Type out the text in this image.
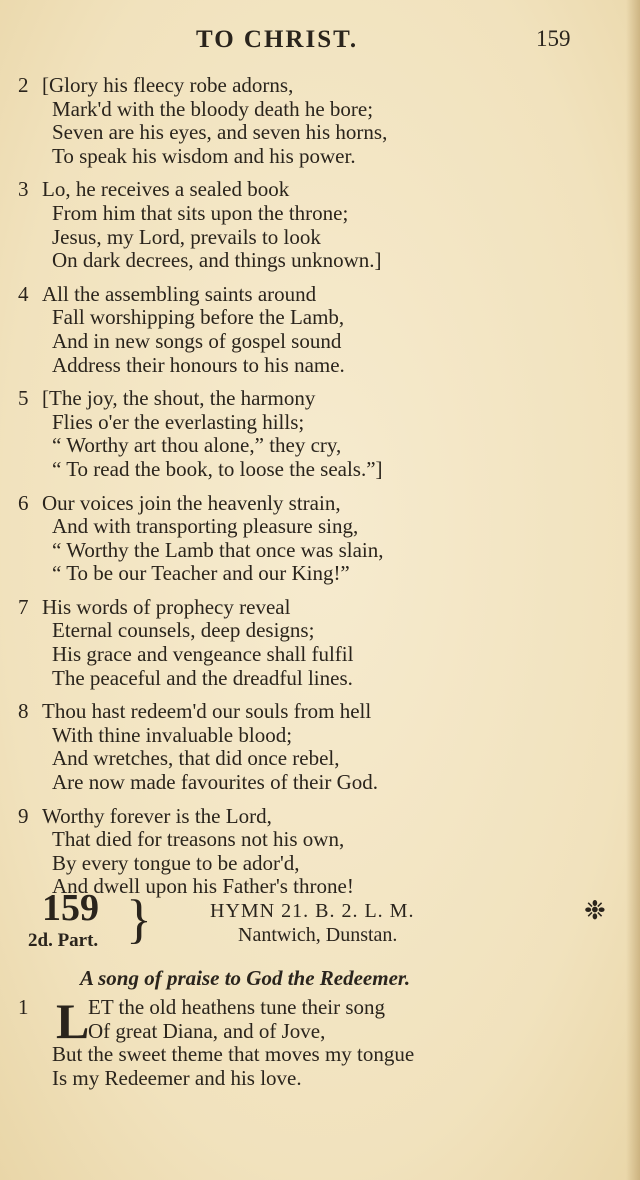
TO CHRIST.	159
2 [Glory his fleecy robe adorns,
Mark'd with the bloody death he bore;
Seven are his eyes, and seven his horns,
To speak his wisdom and his power.
3 Lo, he receives a sealed book
From him that sits upon the throne;
Jesus, my Lord, prevails to look
On dark decrees, and things unknown.]
4 All the assembling saints around
Fall worshipping before the Lamb,
And in new songs of gospel sound
Address their honours to his name.
5 [The joy, the shout, the harmony
Flies o'er the everlasting hills;
“ Worthy art thou alone,” they cry,
“ To read the book, to loose the seals.”]
6 Our voices join the heavenly strain,
And with transporting pleasure sing,
“ Worthy the Lamb that once was slain,
“ To be our Teacher and our King!”
7 His words of prophecy reveal
Eternal counsels, deep designs;
His grace and vengeance shall fulfil
The peaceful and the dreadful lines.
8 Thou hast redeem'd our souls from hell
With thine invaluable blood;
And wretches, that did once rebel,
Are now made favourites of their God.
9 Worthy forever is the Lord,
That died for treasons not his own,
By every tongue to be ador'd,
And dwell upon his Father's throne!
159
2d. Part. }	HYMN 21. B. 2. L. M.
Nantwich, Dunstan.
❉
A song of praise to God the Redeemer.
1 L
ET the old heathens tune their song
Of great Diana, and of Jove,
But the sweet theme that moves my tongue
Is my Redeemer and his love.
